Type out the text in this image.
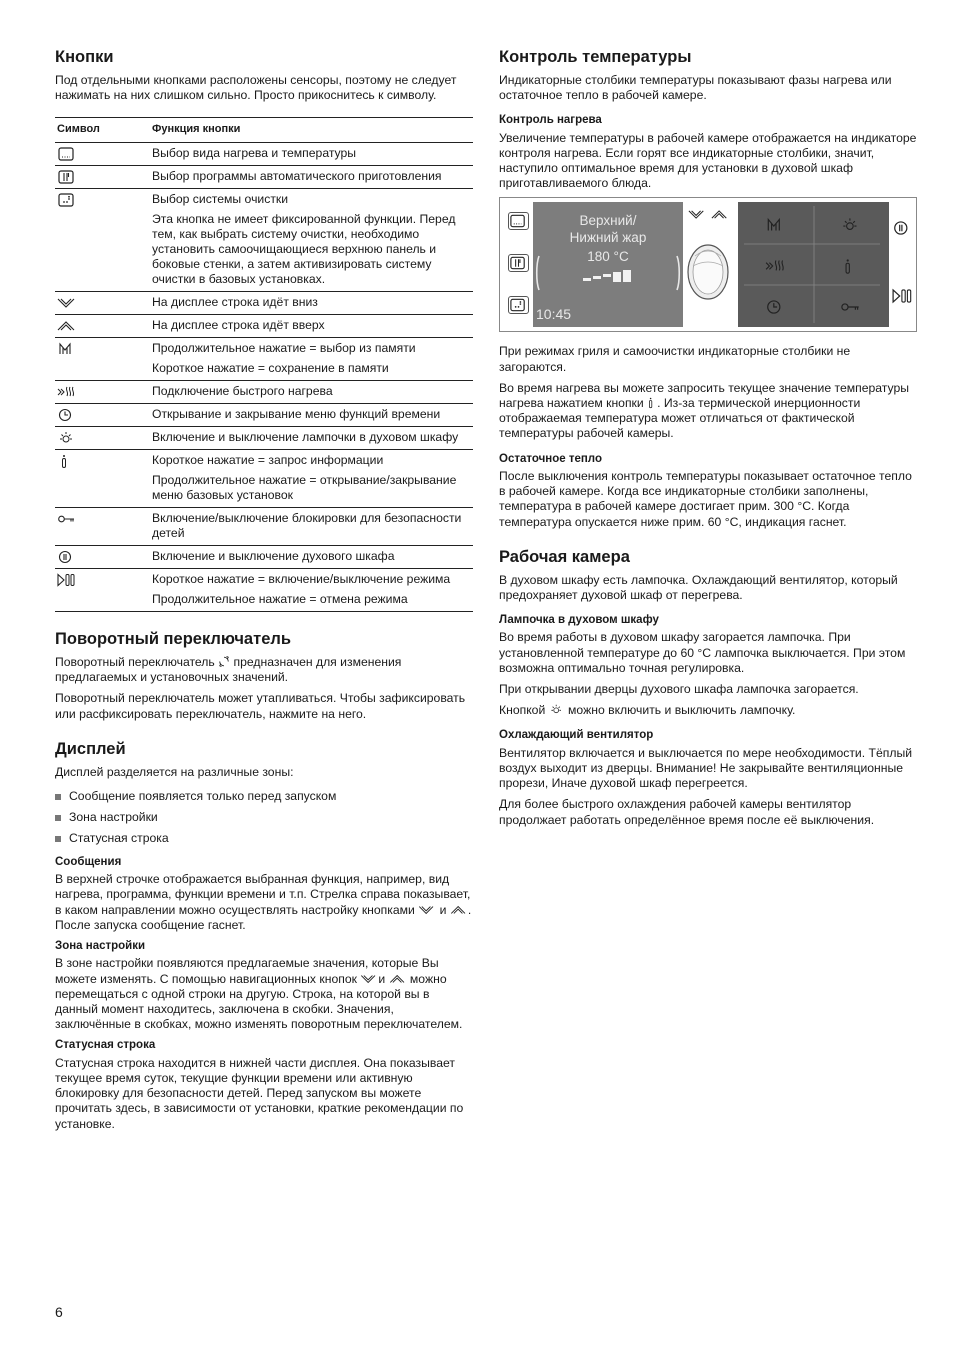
Кнопки

Под отдельными кнопками расположены сенсоры, поэтому не следует нажимать на них слишком сильно. Просто прикоснитесь к символу.

Символ	Функция кнопки
	Выбор вида нагрева и температуры
	Выбор программы автоматического приготовления
	Выбор системы очистки
	Эта кнопка не имеет фиксированной функции. Перед тем, как выбрать систему очистки, необходимо установить самоочищающиеся верхнюю панель и боковые стенки, а затем активизировать систему очистки в базовых установках.
	На дисплее строка идёт вниз
	На дисплее строка идёт вверх
	Продолжительное нажатие = выбор из памяти
	Короткое нажатие = сохранение в памяти
	Подключение быстрого нагрева
	Открывание и закрывание меню функций времени
	Включение и выключение лампочки в духовом шкафу
	Короткое нажатие = запрос информации
	Продолжительное нажатие = открывание/закрывание меню базовых установок
	Включение/выключение блокировки для безопасности детей
	Включение и выключение духового шкафа
	Короткое нажатие = включение/выключение режима
	Продолжительное нажатие = отмена режима
Поворотный переключатель

Поворотный переключатель предназначен для изменения предлагаемых и установочных значений.

Поворотный переключатель может утапливаться. Чтобы зафиксировать или расфиксировать переключатель, нажмите на него.

Дисплей

Дисплей разделяется на различные зоны:

Сообщение появляется только перед запуском
Зона настройки
Статусная строка
Сообщения

В верхней строчке отображается выбранная функция, например, вид нагрева, программа, функции времени и т.п. Стрелка справа показывает, в каком направлении можно осуществлять настройку кнопками и . После запуска сообщение гаснет.

Зона настройки

В зоне настройки появляются предлагаемые значения, которые Вы можете изменять. С помощью навигационных кнопок и можно перемещаться с одной строки на другую. Строка, на которой вы в данный момент находитесь, заключена в скобки. Значения, заключённые в скобках, можно изменять поворотным переключателем.

Статусная строка

Статусная строка находится в нижней части дисплея. Она показывает текущее время суток, текущие функции времени или активную блокировку для безопасности детей. Перед запуском вы можете прочитать здесь, в зависимости от установки, краткие рекомендации по установке.

Контроль температуры

Индикаторные столбики температуры показывают фазы нагрева или остаточное тепло в рабочей камере.

Контроль нагрева

Увеличение температуры в рабочей камере отображается на индикаторе контроля нагрева. Если горят все индикаторные столбики, значит, наступило оптимальное время для установки в духовой шкаф приготавливаемого блюда.

Верхний/
Нижний жар
180 °C
10:45

При режимах гриля и самоочистки индикаторные столбики не загораются.

Во время нагрева вы можете запросить текущее значение температуры нагрева нажатием кнопки . Из-за термической инерционности отображаемая температура может отличаться от фактической температуры рабочей камеры.

Остаточное тепло

После выключения контроль температуры показывает остаточное тепло в рабочей камере. Когда все индикаторные столбики заполнены, температура в рабочей камере достигает прим. 300 °C. Когда температура опускается ниже прим. 60 °C, индикация гаснет.

Рабочая камера

В духовом шкафу есть лампочка. Охлаждающий вентилятор, который предохраняет духовой шкаф от перегрева.

Лампочка в духовом шкафу

Во время работы в духовом шкафу загорается лампочка. При установленной температуре до 60 °C лампочка выключается. При этом возможна оптимально точная регулировка.

При открывании дверцы духового шкафа лампочка загорается.

Кнопкой можно включить и выключить лампочку.

Охлаждающий вентилятор

Вентилятор включается и выключается по мере необходимости. Тёплый воздух выходит из дверцы. Внимание! Не закрывайте вентиляционные прорези, Иначе духовой шкаф перегреется.

Для более быстрого охлаждения рабочей камеры вентилятор продолжает работать определённое время после её выключения.

6
